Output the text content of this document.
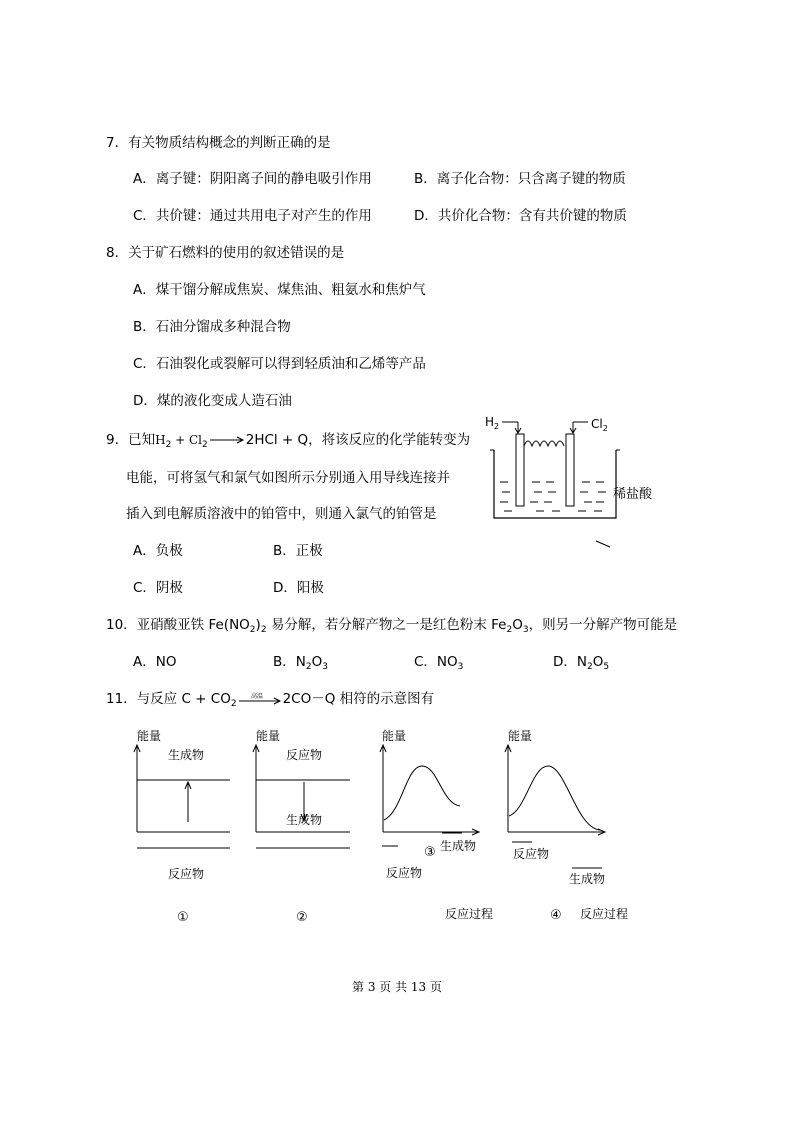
7．有关物质结构概念的判断正确的是
A．离子键：阴阳离子间的静电吸引作用	B．离子化合物：只含离子键的物质
C．共价键：通过共用电子对产生的作用	D．共价化合物：含有共价键的物质
8．关于矿石燃料的使用的叙述错误的是
A．煤干馏分解成焦炭、煤焦油、粗氨水和焦炉气
B．石油分馏成多种混合物
C．石油裂化或裂解可以得到轻质油和乙烯等产品
D．煤的液化变成人造石油
9．已知$H_2 + Cl_2$	2HCl + Q，将该反应的化学能转变为
电能，可将氢气和氯气如图所示分别通入用导线连接并
插入到电解质溶液中的铂管中，则通入氯气的铂管是
A．负极	B．正极
C．阴极	D．阳极
$H_2$	$Cl_2$
稀盐酸
10．亚硝酸亚铁 $Fe(NO_2)_2$ 易分解，若分解产物之一是红色粉末 $Fe_2O_3$，则另一分解产物可能是
A．NO	B．$N_2O_3$	C．$NO_3$	D．$N_2O_5$
11．与反应 $C + CO_2$
高温 2CO－Q 相符的示意图有
能量
生成物
反应物
①
能量
反应物
生成物
②
能量
③ 生成物
反应物
反应过程
能量
反应物
生成物
④ 反应过程
第 3 页 共 13 页
